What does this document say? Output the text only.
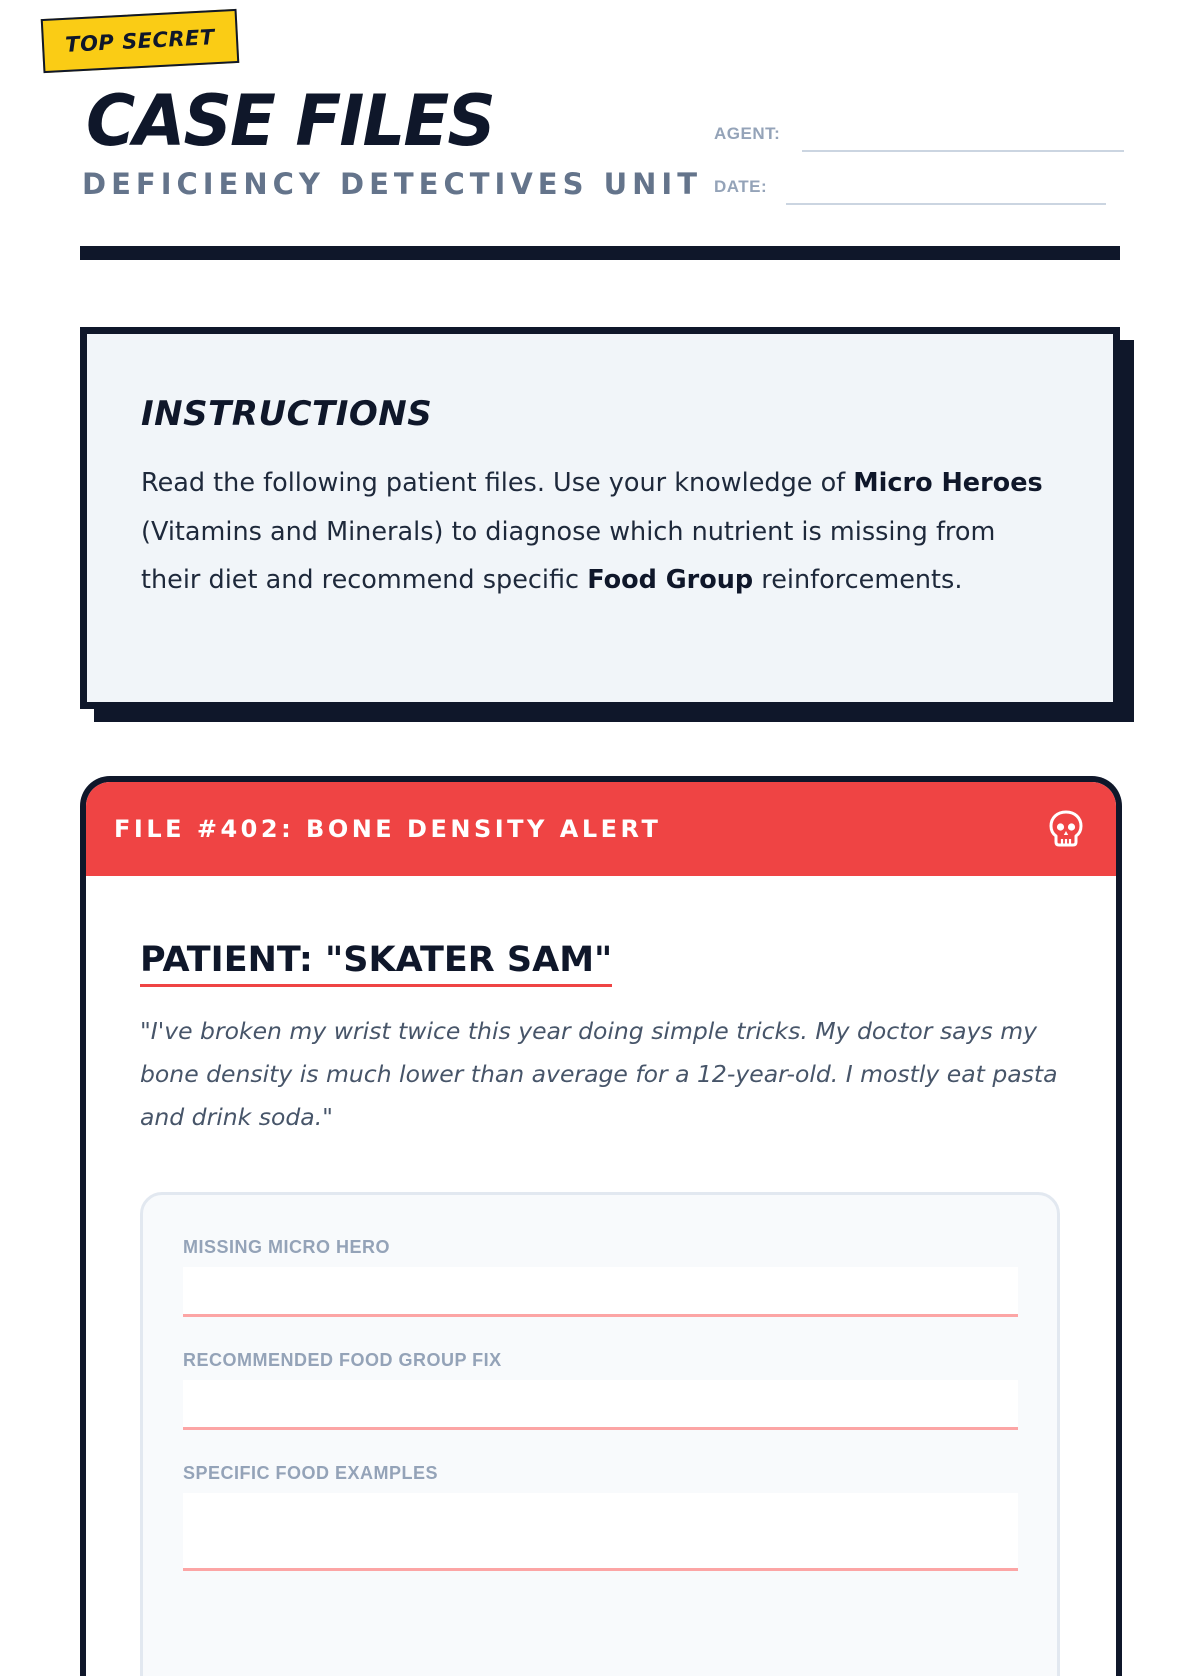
TOP SECRET
CASE FILES
DEFICIENCY DETECTIVES UNIT
AGENT:
DATE:
INSTRUCTIONS

Read the following patient files. Use your knowledge of Micro Heroes (Vitamins and Minerals) to diagnose which nutrient is missing from their diet and recommend specific Food Group reinforcements.

FILE #402: BONE DENSITY ALERT
PATIENT: "SKATER SAM"

"I've broken my wrist twice this year doing simple tricks. My doctor says my bone density is much lower than average for a 12-year-old. I mostly eat pasta and drink soda."

MISSING MICRO HERO
RECOMMENDED FOOD GROUP FIX
SPECIFIC FOOD EXAMPLES
